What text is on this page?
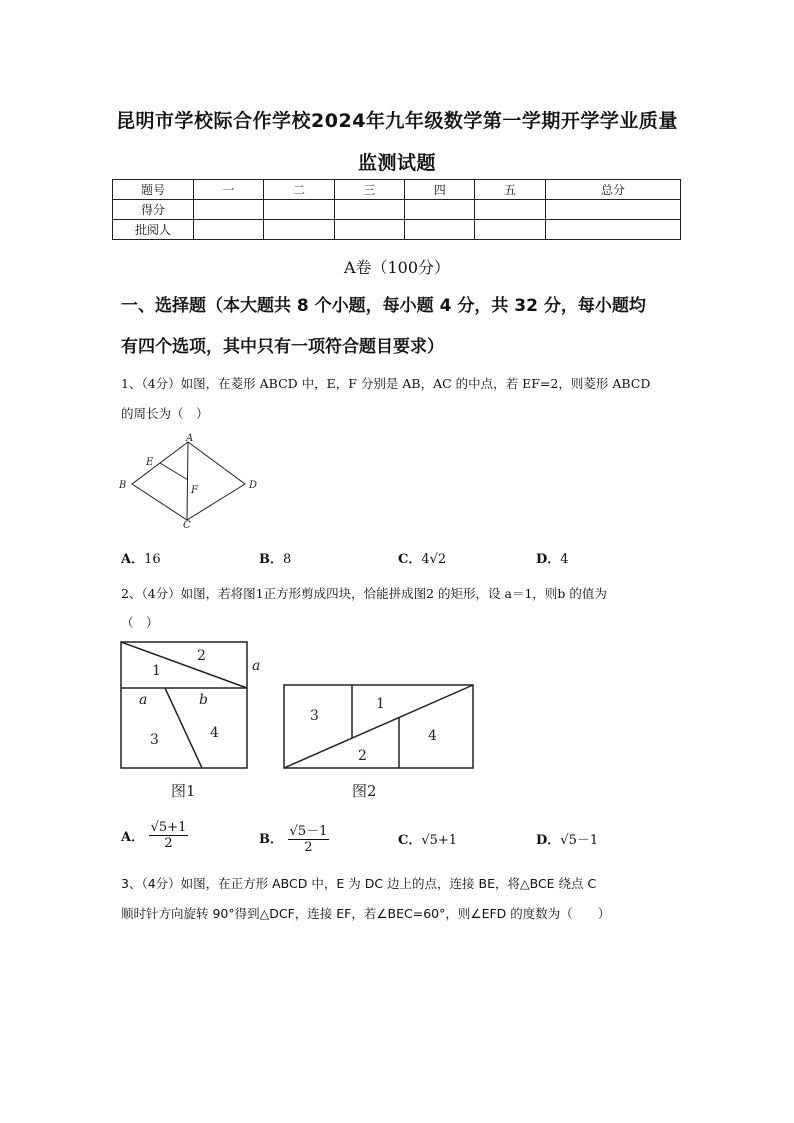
昆明市学校际合作学校2024年九年级数学第一学期开学学业质量
监测试题
题号	一	二	三	四	五	总分
得分						
批阅人						
A卷（100分）
一、选择题（本大题共 8 个小题，每小题 4 分，共 32 分，每小题均
有四个选项，其中只有一项符合题目要求）
1、（4分）如图，在菱形 ABCD 中，E，F 分别是 AB，AC 的中点，若 EF=2，则菱形 ABCD
的周长为（　）
A
B
C
D
E
F
A．16	B．8	C．4√2	D．4
2、（4分）如图，若将图1正方形剪成四块，恰能拼成图2 的矩形，设 a＝1，则b 的值为
（　）
1
2
3	4
a
a	b
图1
1
2
3
4
图2
A． $\frac{√5+1}{2}$	B． $\frac{√5-1}{2}$	C．√5+1	D．√5－1
3、（4分）如图，在正方形 ABCD 中，E 为 DC 边上的点，连接 BE，将△BCE 绕点 C
顺时针方向旋转 90°得到△DCF，连接 EF，若∠BEC=60°，则∠EFD 的度数为（　　）
